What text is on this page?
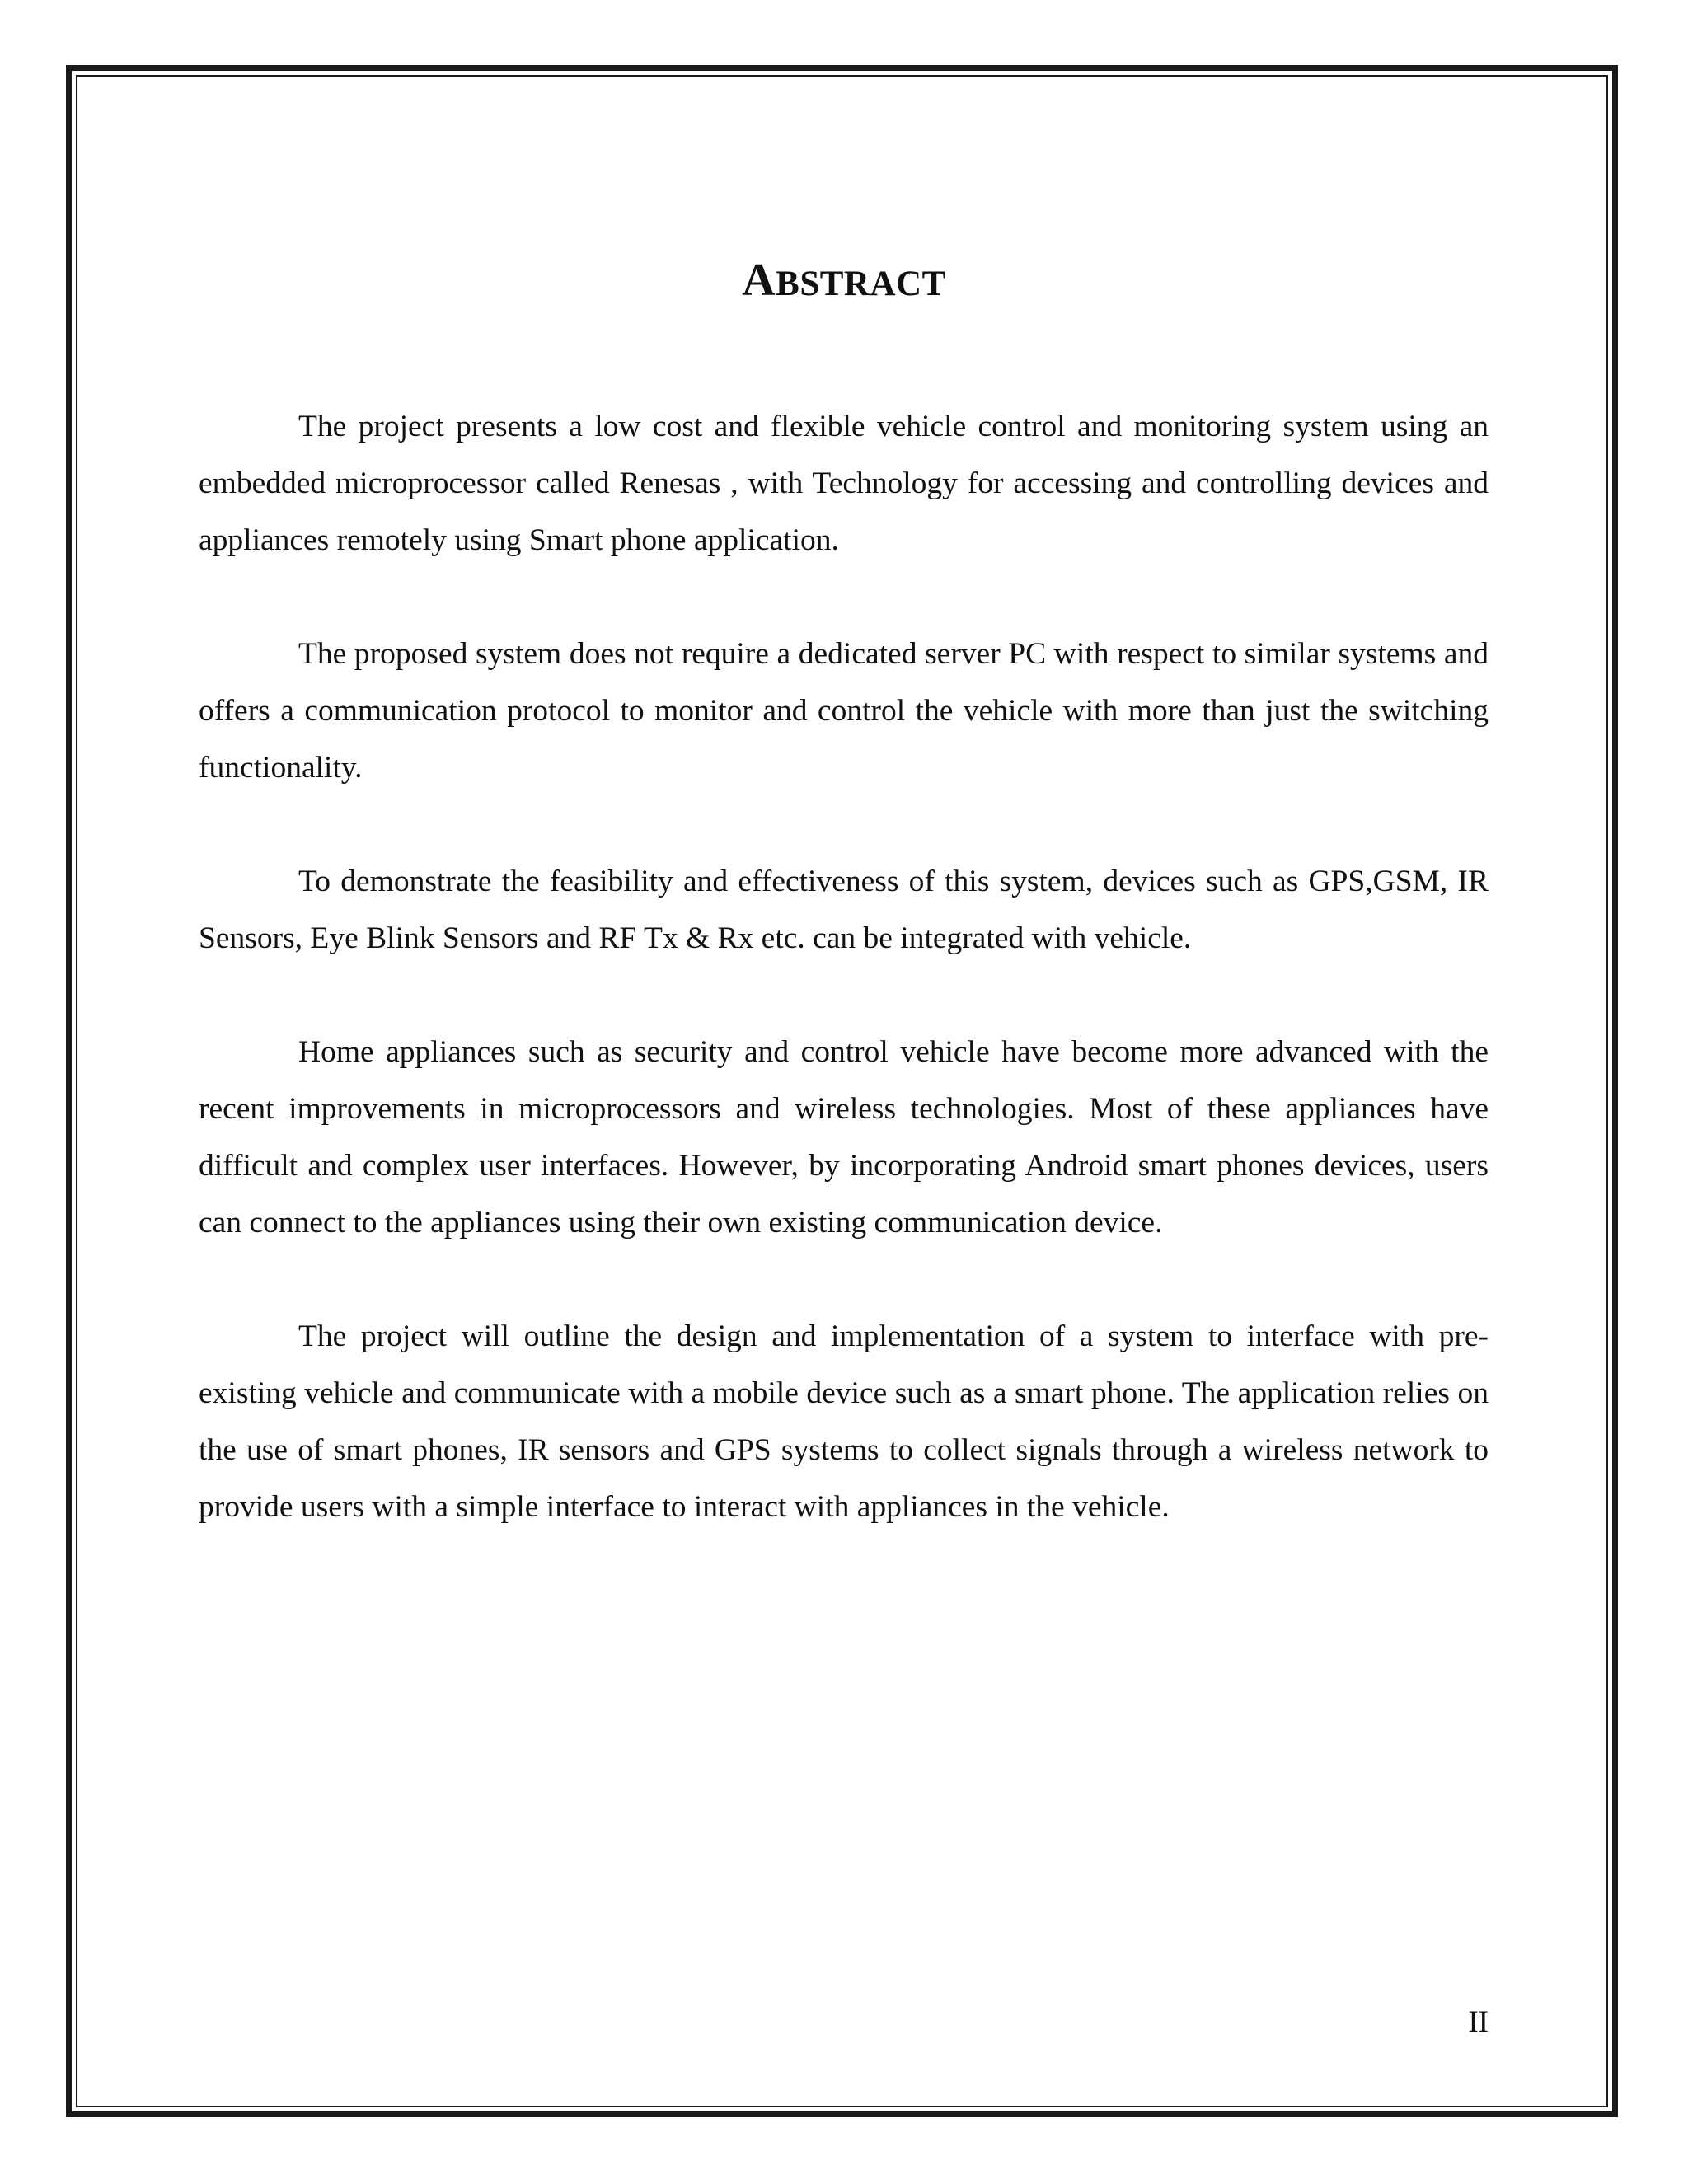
ABSTRACT

The project presents a low cost and flexible vehicle control and monitoring system using an embedded microprocessor called Renesas , with Technology for accessing and controlling devices and appliances remotely using Smart phone application.

The proposed system does not require a dedicated server PC with respect to similar systems and offers a communication protocol to monitor and control the vehicle with more than just the switching functionality.

To demonstrate the feasibility and effectiveness of this system, devices such as GPS,GSM, IR Sensors, Eye Blink Sensors and RF Tx & Rx etc. can be integrated with vehicle.

Home appliances such as security and control vehicle have become more advanced with the recent improvements in microprocessors and wireless technologies. Most of these appliances have difficult and complex user interfaces. However, by incorporating Android smart phones devices, users can connect to the appliances using their own existing communication device.

The project will outline the design and implementation of a system to interface with pre-existing vehicle and communicate with a mobile device such as a smart phone. The application relies on the use of smart phones, IR sensors and GPS systems to collect signals through a wireless network to provide users with a simple interface to interact with appliances in the vehicle.

II
